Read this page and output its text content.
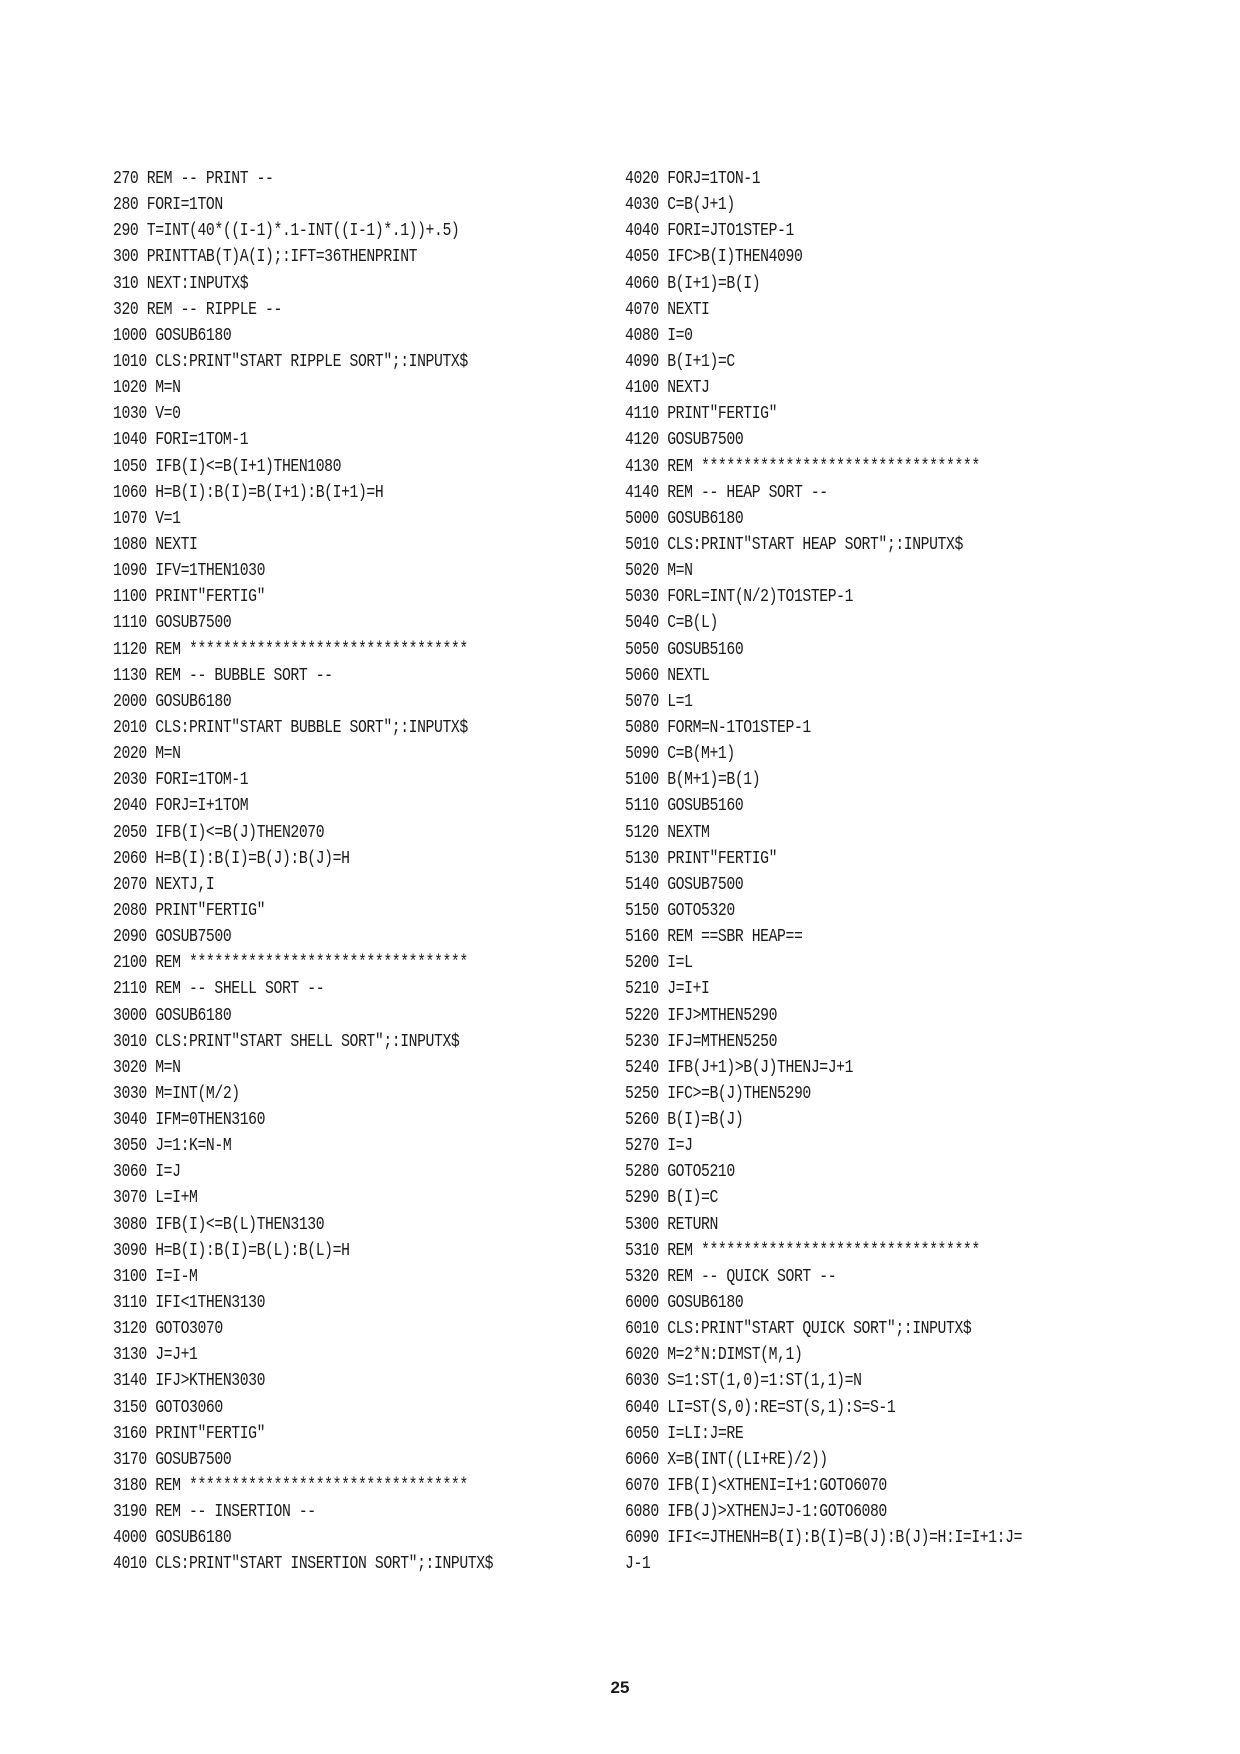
270 REM -- PRINT --
280 FORI=1TON
290 T=INT(40*((I-1)*.1-INT((I-1)*.1))+.5)
300 PRINTTAB(T)A(I);:IFT=36THENPRINT
310 NEXT:INPUTX$
320 REM -- RIPPLE --
1000 GOSUB6180
1010 CLS:PRINT"START RIPPLE SORT";:INPUTX$
1020 M=N
1030 V=0
1040 FORI=1TOM-1
1050 IFB(I)<=B(I+1)THEN1080
1060 H=B(I):B(I)=B(I+1):B(I+1)=H
1070 V=1
1080 NEXTI
1090 IFV=1THEN1030
1100 PRINT"FERTIG"
1110 GOSUB7500
1120 REM *********************************
1130 REM -- BUBBLE SORT --
2000 GOSUB6180
2010 CLS:PRINT"START BUBBLE SORT";:INPUTX$
2020 M=N
2030 FORI=1TOM-1
2040 FORJ=I+1TOM
2050 IFB(I)<=B(J)THEN2070
2060 H=B(I):B(I)=B(J):B(J)=H
2070 NEXTJ,I
2080 PRINT"FERTIG"
2090 GOSUB7500
2100 REM *********************************
2110 REM -- SHELL SORT --
3000 GOSUB6180
3010 CLS:PRINT"START SHELL SORT";:INPUTX$
3020 M=N
3030 M=INT(M/2)
3040 IFM=0THEN3160
3050 J=1:K=N-M
3060 I=J
3070 L=I+M
3080 IFB(I)<=B(L)THEN3130
3090 H=B(I):B(I)=B(L):B(L)=H
3100 I=I-M
3110 IFI<1THEN3130
3120 GOTO3070
3130 J=J+1
3140 IFJ>KTHEN3030
3150 GOTO3060
3160 PRINT"FERTIG"
3170 GOSUB7500
3180 REM *********************************
3190 REM -- INSERTION --
4000 GOSUB6180
4010 CLS:PRINT"START INSERTION SORT";:INPUTX$
4020 FORJ=1TON-1
4030 C=B(J+1)
4040 FORI=JTO1STEP-1
4050 IFC>B(I)THEN4090
4060 B(I+1)=B(I)
4070 NEXTI
4080 I=0
4090 B(I+1)=C
4100 NEXTJ
4110 PRINT"FERTIG"
4120 GOSUB7500
4130 REM *********************************
4140 REM -- HEAP SORT --
5000 GOSUB6180
5010 CLS:PRINT"START HEAP SORT";:INPUTX$
5020 M=N
5030 FORL=INT(N/2)TO1STEP-1
5040 C=B(L)
5050 GOSUB5160
5060 NEXTL
5070 L=1
5080 FORM=N-1TO1STEP-1
5090 C=B(M+1)
5100 B(M+1)=B(1)
5110 GOSUB5160
5120 NEXTM
5130 PRINT"FERTIG"
5140 GOSUB7500
5150 GOTO5320
5160 REM ==SBR HEAP==
5200 I=L
5210 J=I+I
5220 IFJ>MTHEN5290
5230 IFJ=MTHEN5250
5240 IFB(J+1)>B(J)THENJ=J+1
5250 IFC>=B(J)THEN5290
5260 B(I)=B(J)
5270 I=J
5280 GOTO5210
5290 B(I)=C
5300 RETURN
5310 REM *********************************
5320 REM -- QUICK SORT --
6000 GOSUB6180
6010 CLS:PRINT"START QUICK SORT";:INPUTX$
6020 M=2*N:DIMST(M,1)
6030 S=1:ST(1,0)=1:ST(1,1)=N
6040 LI=ST(S,0):RE=ST(S,1):S=S-1
6050 I=LI:J=RE
6060 X=B(INT((LI+RE)/2))
6070 IFB(I)<XTHENI=I+1:GOTO6070
6080 IFB(J)>XTHENJ=J-1:GOTO6080
6090 IFI<=JTHENH=B(I):B(I)=B(J):B(J)=H:I=I+1:J=
J-1
25
